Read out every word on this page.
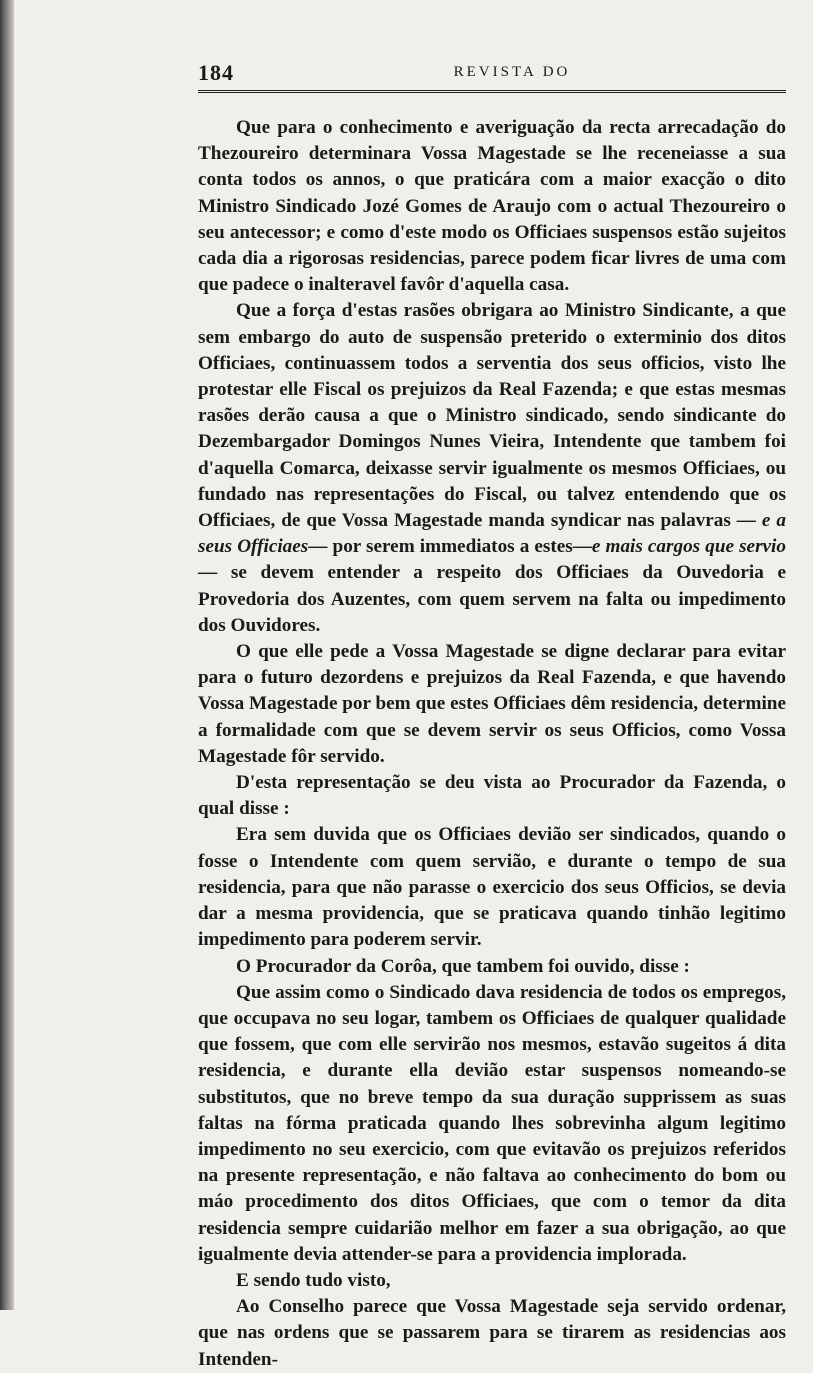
184	REVISTA DO

Que para o conhecimento e averiguação da recta arrecadação do Thezoureiro determinara Vossa Magestade se lhe receneiasse a sua conta todos os annos, o que praticára com a maior exacção o dito Ministro Sindicado Jozé Gomes de Araujo com o actual Thezoureiro o seu antecessor; e como d'este modo os Officiaes suspensos estão sujeitos cada dia a rigorosas residencias, parece podem ficar livres de uma com que padece o inalteravel favôr d'aquella casa.

Que a força d'estas rasões obrigara ao Ministro Sindicante, a que sem embargo do auto de suspensão preterido o exterminio dos ditos Officiaes, continuassem todos a serventia dos seus officios, visto lhe protestar elle Fiscal os prejuizos da Real Fazenda; e que estas mesmas rasões derão causa a que o Ministro sindicado, sendo sindicante do Dezembargador Domingos Nunes Vieira, Intendente que tambem foi d'aquella Comarca, deixasse servir igualmente os mesmos Officiaes, ou fundado nas representações do Fiscal, ou talvez entendendo que os Officiaes, de que Vossa Magestade manda syndicar nas palavras — e a seus Officiaes— por serem immediatos a estes—e mais cargos que servio— se devem entender a respeito dos Officiaes da Ouvedoria e Provedoria dos Auzentes, com quem servem na falta ou impedimento dos Ouvidores.

O que elle pede a Vossa Magestade se digne declarar para evitar para o futuro dezordens e prejuizos da Real Fazenda, e que havendo Vossa Magestade por bem que estes Officiaes dêm residencia, determine a formalidade com que se devem servir os seus Officios, como Vossa Magestade fôr servido.

D'esta representação se deu vista ao Procurador da Fazenda, o qual disse :

Era sem duvida que os Officiaes devião ser sindicados, quando o fosse o Intendente com quem servião, e durante o tempo de sua residencia, para que não parasse o exercicio dos seus Officios, se devia dar a mesma providencia, que se praticava quando tinhão legitimo impedimento para poderem servir.

O Procurador da Corôa, que tambem foi ouvido, disse :

Que assim como o Sindicado dava residencia de todos os empregos, que occupava no seu logar, tambem os Officiaes de qualquer qualidade que fossem, que com elle servirão nos mesmos, estavão sugeitos á dita residencia, e durante ella devião estar suspensos nomeando-se substitutos, que no breve tempo da sua duração supprissem as suas faltas na fórma praticada quando lhes sobrevinha algum legitimo impedimento no seu exercicio, com que evitavão os prejuizos referidos na presente representação, e não faltava ao conhecimento do bom ou máo procedimento dos ditos Officiaes, que com o temor da dita residencia sempre cuidarião melhor em fazer a sua obrigação, ao que igualmente devia attender-se para a providencia implorada.

E sendo tudo visto,

Ao Conselho parece que Vossa Magestade seja servido ordenar, que nas ordens que se passarem para se tirarem as residencias aos Intenden-
